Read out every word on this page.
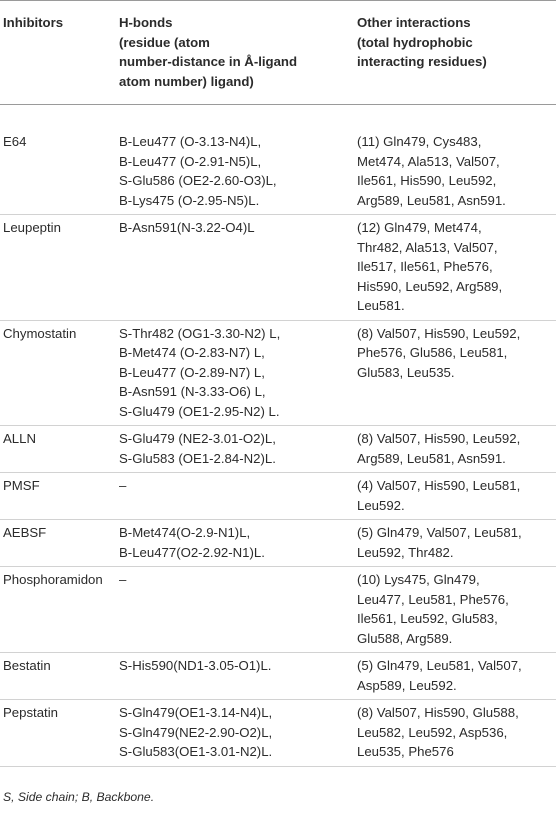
Inhibitors	H-bonds
(residue (atom
number-distance in Å-ligand
atom number) ligand)	Other interactions
(total hydrophobic
interacting residues)

E64	B-Leu477 (O-3.13-N4)L,
B-Leu477 (O-2.91-N5)L,
S-Glu586 (OE2-2.60-O3)L,
B-Lys475 (O-2.95-N5)L.	(11) Gln479, Cys483,
Met474, Ala513, Val507,
Ile561, His590, Leu592,
Arg589, Leu581, Asn591.

Leupeptin	B-Asn591(N-3.22-O4)L	(12) Gln479, Met474,
Thr482, Ala513, Val507,
Ile517, Ile561, Phe576,
His590, Leu592, Arg589,
Leu581.

Chymostatin	S-Thr482 (OG1-3.30-N2) L,
B-Met474 (O-2.83-N7) L,
B-Leu477 (O-2.89-N7) L,
B-Asn591 (N-3.33-O6) L,
S-Glu479 (OE1-2.95-N2) L.	(8) Val507, His590, Leu592,
Phe576, Glu586, Leu581,
Glu583, Leu535.

ALLN	S-Glu479 (NE2-3.01-O2)L,
S-Glu583 (OE1-2.84-N2)L.	(8) Val507, His590, Leu592,
Arg589, Leu581, Asn591.

PMSF	–	(4) Val507, His590, Leu581,
Leu592.

AEBSF	B-Met474(O-2.9-N1)L,
B-Leu477(O2-2.92-N1)L.	(5) Gln479, Val507, Leu581,
Leu592, Thr482.

Phosphoramidon	–	(10) Lys475, Gln479,
Leu477, Leu581, Phe576,
Ile561, Leu592, Glu583,
Glu588, Arg589.

Bestatin	S-His590(ND1-3.05-O1)L.	(5) Gln479, Leu581, Val507,
Asp589, Leu592.

Pepstatin	S-Gln479(OE1-3.14-N4)L,
S-Gln479(NE2-2.90-O2)L,
S-Glu583(OE1-3.01-N2)L.	(8) Val507, His590, Glu588,
Leu582, Leu592, Asp536,
Leu535, Phe576
S, Side chain; B, Backbone.
